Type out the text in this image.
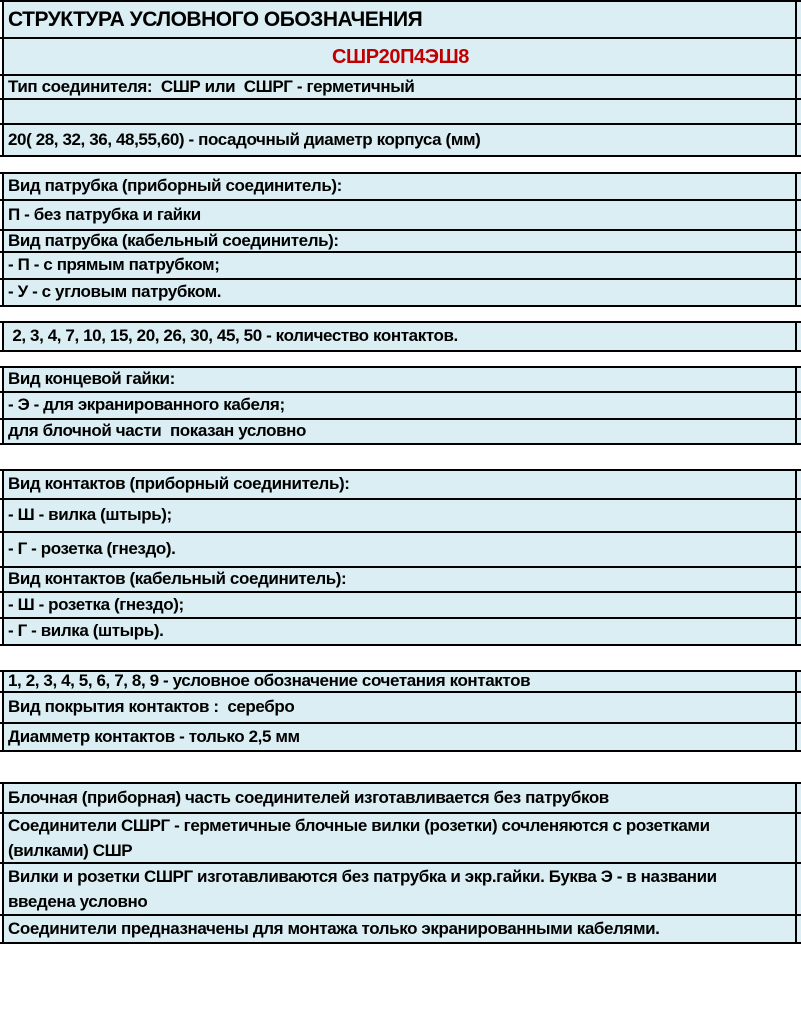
СТРУКТУРА УСЛОВНОГО ОБОЗНАЧЕНИЯ
СШР20П4ЭШ8
Тип соединителя:  СШР или  СШРГ - герметичный
20( 28, 32, 36, 48,55,60) - посадочный диаметр корпуса (мм)
Вид патрубка (приборный соединитель):
П - без патрубка и гайки
Вид патрубка (кабельный соединитель):
- П - с прямым патрубком;
- У - с угловым патрубком.
2, 3, 4, 7, 10, 15, 20, 26, 30, 45, 50 - количество контактов.
Вид концевой гайки:
- Э - для экранированного кабеля;
для блочной части  показан условно
Вид контактов (приборный соединитель):
- Ш - вилка (штырь);
- Г - розетка (гнездо).
Вид контактов (кабельный соединитель):
- Ш - розетка (гнездо);
- Г - вилка (штырь).
1, 2, 3, 4, 5, 6, 7, 8, 9 - условное обозначение сочетания контактов
Вид покрытия контактов :  серебро
Диамметр контактов - только 2,5 мм
Блочная (приборная) часть соединителей изготавливается без патрубков
Соединители СШРГ - герметичные блочные вилки (розетки) сочленяются с розетками (вилками) СШР
Вилки и розетки СШРГ изготавливаются без патрубка и экр.гайки. Буква Э - в названии введена условно
Соединители предназначены для монтажа только экранированными кабелями.
